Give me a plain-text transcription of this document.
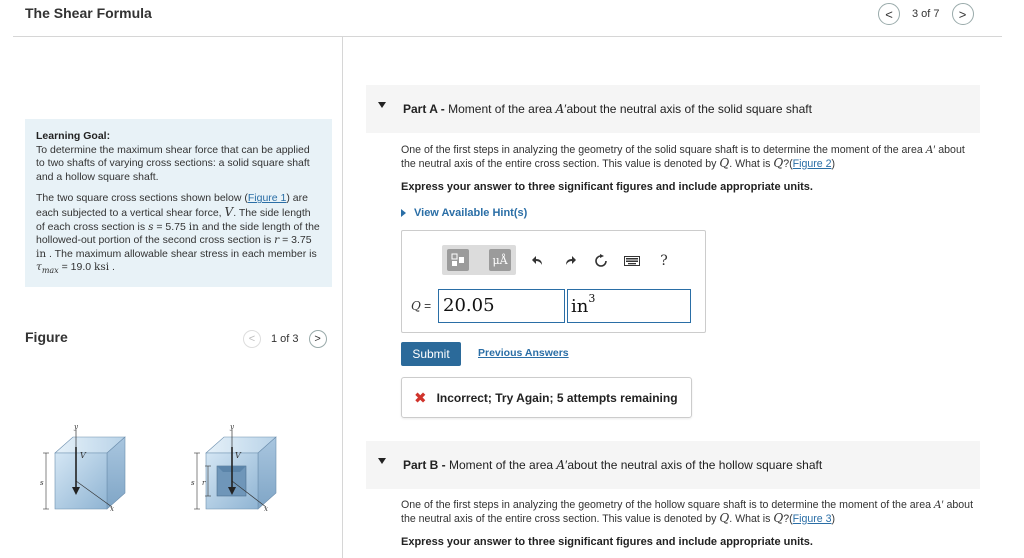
The Shear Formula	<	3 of 7	>

Learning Goal:

To determine the maximum shear force that can be applied to two shafts of varying cross sections: a solid square shaft and a hollow square shaft.

The two square cross sections shown below (Figure 1) are each subjected to a vertical shear force, V. The side length of each cross section is s = 5.75 in and the side length of the hollowed-out portion of the second cross section is r = 3.75 in . The maximum allowable shear stress in each member is $\tau_{max} = 19.0$ ksi .

Figure	<	1 of 3	>
y
V
s
x
y
V
s r
x
Part A - Moment of the area A′about the neutral axis of the solid square shaft
One of the first steps in analyzing the geometry of the solid square shaft is to determine the moment of the area A′ about the neutral axis of the entire cross section. This value is denoted by Q. What is Q?(Figure 2)
Express your answer to three significant figures and include appropriate units.
View Available Hint(s)
μÅ	?
Q = 20.05	$in^3$
Submit	Previous Answers
✖ Incorrect; Try Again; 5 attempts remaining
Part B - Moment of the area A′about the neutral axis of the hollow square shaft
One of the first steps in analyzing the geometry of the hollow square shaft is to determine the moment of the area A′ about the neutral axis of the entire cross section. This value is denoted by Q. What is Q?(Figure 3)
Express your answer to three significant figures and include appropriate units.
